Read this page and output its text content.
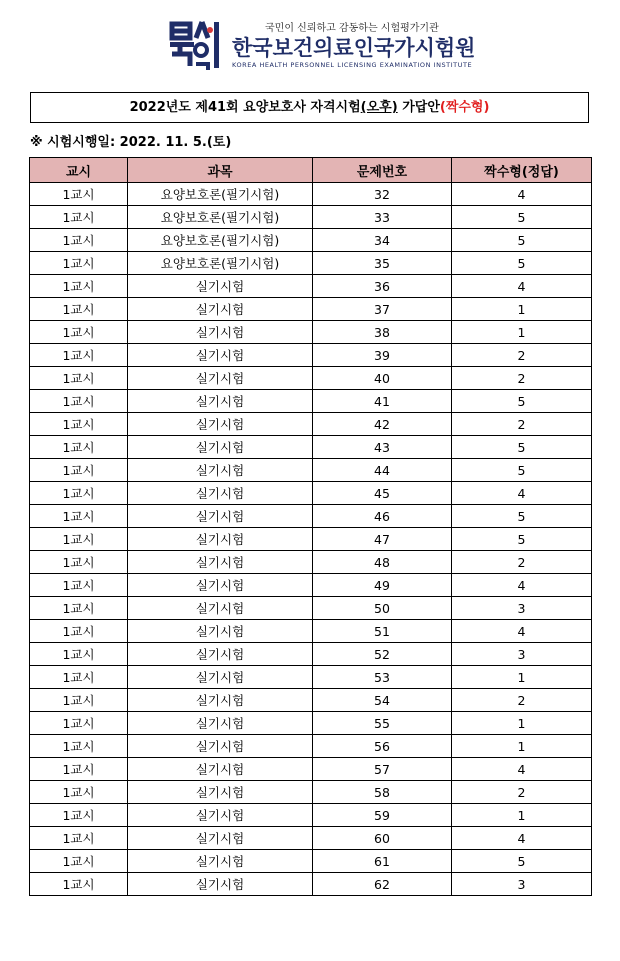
국민이 신뢰하고 감동하는 시험평가기관
한국보건의료인국가시험원
KOREA HEALTH PERSONNEL LICENSING EXAMINATION INSTITUTE
2022년도 제41회 요양보호사 자격시험(오후) 가답안(짝수형)
※ 시험시행일: 2022. 11. 5.(토)
교시	과목	문제번호	짝수형(정답)
1교시	요양보호론(필기시험)	32	4
1교시	요양보호론(필기시험)	33	5
1교시	요양보호론(필기시험)	34	5
1교시	요양보호론(필기시험)	35	5
1교시	실기시험	36	4
1교시	실기시험	37	1
1교시	실기시험	38	1
1교시	실기시험	39	2
1교시	실기시험	40	2
1교시	실기시험	41	5
1교시	실기시험	42	2
1교시	실기시험	43	5
1교시	실기시험	44	5
1교시	실기시험	45	4
1교시	실기시험	46	5
1교시	실기시험	47	5
1교시	실기시험	48	2
1교시	실기시험	49	4
1교시	실기시험	50	3
1교시	실기시험	51	4
1교시	실기시험	52	3
1교시	실기시험	53	1
1교시	실기시험	54	2
1교시	실기시험	55	1
1교시	실기시험	56	1
1교시	실기시험	57	4
1교시	실기시험	58	2
1교시	실기시험	59	1
1교시	실기시험	60	4
1교시	실기시험	61	5
1교시	실기시험	62	3
